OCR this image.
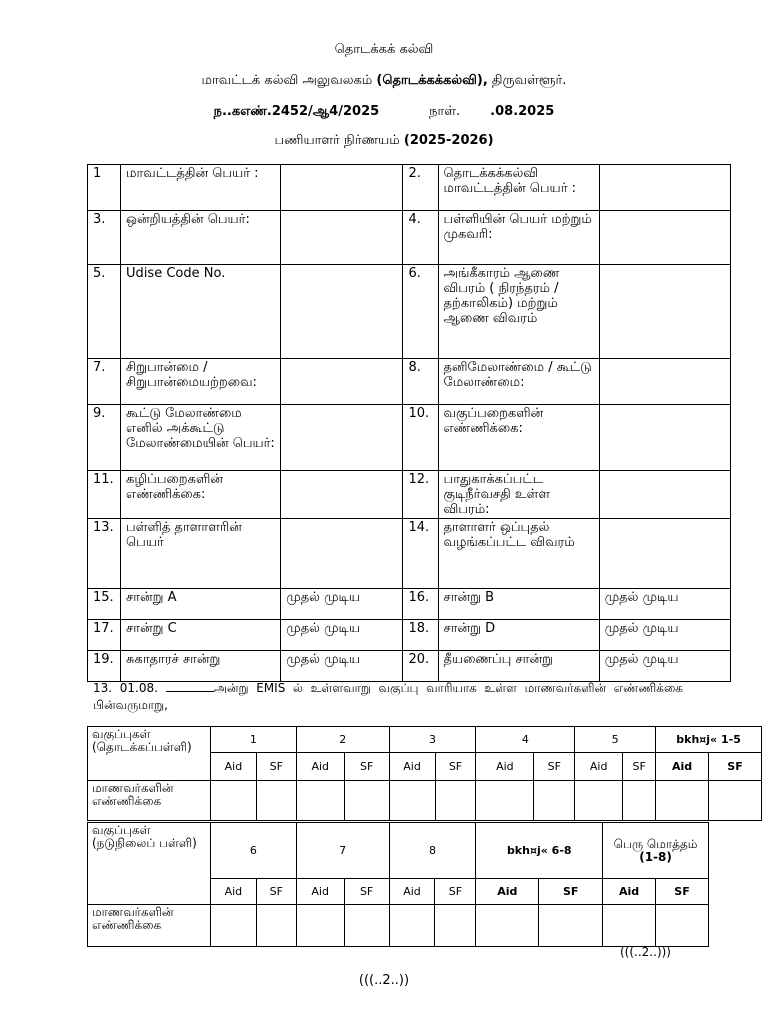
தொடக்கக் கல்வி
மாவட்டக் கல்வி அலுவலகம் (தொடக்கக்கல்வி), திருவள்ளூர்.
ந..கஎண்.2452/ஆ4/2025	நாள். .08.2025
பணியாளர் நிர்ணயம் (2025-2026)
1	மாவட்டத்தின் பெயர் :		2.	தொடக்கக்கல்வி மாவட்டத்தின் பெயர் :	
3.	ஒன்றியத்தின் பெயர்:		4.	பள்ளியின் பெயர் மற்றும் முகவரி:	
5.	Udise Code No.		6.	அங்கீகாரம் ஆணை விபரம் ( நிரந்தரம் / தற்காலிகம்) மற்றும் ஆணை விவரம்	
7.	சிறுபான்மை / சிறுபான்மையற்றவை:		8.	தனிமேலாண்மை / கூட்டு மேலாண்மை:	
9.	கூட்டு மேலாண்மை எனில் அக்கூட்டு மேலாண்மையின் பெயர்:		10.	வகுப்பறைகளின் எண்ணிக்கை:	
11.	கழிப்பறைகளின் எண்ணிக்கை:		12.	பாதுகாக்கப்பட்ட குடிநீர்வசதி உள்ள விபரம்:	
13.	பள்ளித் தாளாளரின் பெயர்		14.	தாளாளர் ஒப்புதல் வழங்கப்பட்ட விவரம்	
15.	சான்று A	முதல் முடிய	16.	சான்று B	முதல் முடிய
17.	சான்று C	முதல் முடிய	18.	சான்று D	முதல் முடிய
19.	சுகாதாரச் சான்று	முதல் முடிய	20.	தீயணைப்பு சான்று	முதல் முடிய
13. 01.08.	அன்று EMIS ல் உள்ளவாறு வகுப்பு வாரியாக உள்ள மாணவர்களின் எண்ணிக்கை பின்வருமாறு,
வகுப்புகள் (தொடக்கப்பள்ளி)	1		2		3		4		5		bkh¤j« 1-5	
	Aid	SF	Aid	SF	Aid	SF	Aid	SF	Aid	SF	Aid	SF
மாணவர்களின் எண்ணிக்கை												
வகுப்புகள் (நடுநிலைப் பள்ளி)	6		7		8		bkh¤j« 6-8		பெரு மொத்தம் (1-8)	
	Aid	SF	Aid	SF	Aid	SF	Aid	SF	Aid	SF
மாணவர்களின் எண்ணிக்கை										
(((..2..)))
(((..2..))
